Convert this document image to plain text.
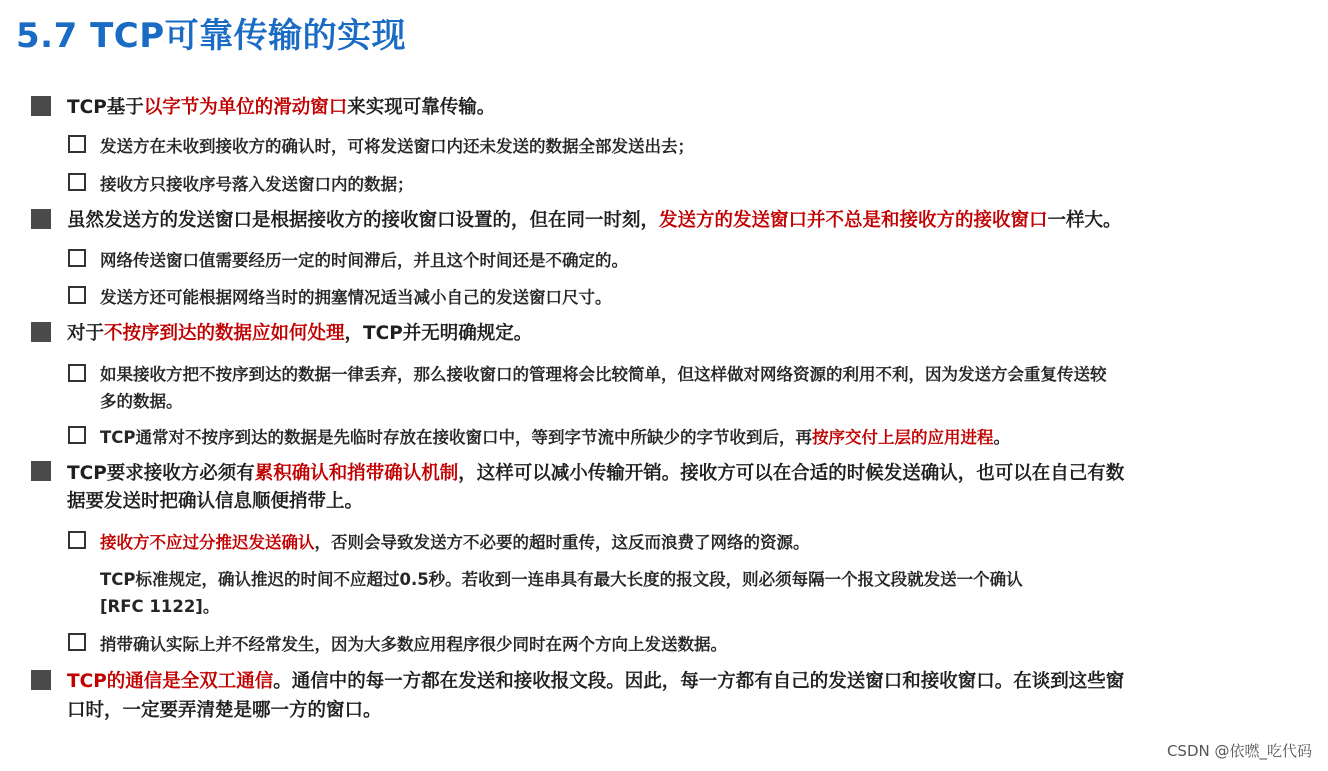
5.7 TCP可靠传输的实现
TCP基于以字节为单位的滑动窗口来实现可靠传输。
发送方在未收到接收方的确认时，可将发送窗口内还未发送的数据全部发送出去；
接收方只接收序号落入发送窗口内的数据；
虽然发送方的发送窗口是根据接收方的接收窗口设置的，但在同一时刻，发送方的发送窗口并不总是和接收方的接收窗口一样大。
网络传送窗口值需要经历一定的时间滞后，并且这个时间还是不确定的。
发送方还可能根据网络当时的拥塞情况适当减小自己的发送窗口尺寸。
对于不按序到达的数据应如何处理，TCP并无明确规定。
如果接收方把不按序到达的数据一律丢弃，那么接收窗口的管理将会比较简单，但这样做对网络资源的利用不利，因为发送方会重复传送较
多的数据。
TCP通常对不按序到达的数据是先临时存放在接收窗口中，等到字节流中所缺少的字节收到后，再按序交付上层的应用进程。
TCP要求接收方必须有累积确认和捎带确认机制，这样可以减小传输开销。接收方可以在合适的时候发送确认，也可以在自己有数
据要发送时把确认信息顺便捎带上。
接收方不应过分推迟发送确认，否则会导致发送方不必要的超时重传，这反而浪费了网络的资源。
TCP标准规定，确认推迟的时间不应超过0.5秒。若收到一连串具有最大长度的报文段，则必须每隔一个报文段就发送一个确认
[RFC 1122]。
捎带确认实际上并不经常发生，因为大多数应用程序很少同时在两个方向上发送数据。
TCP的通信是全双工通信。通信中的每一方都在发送和接收报文段。因此，每一方都有自己的发送窗口和接收窗口。在谈到这些窗
口时，一定要弄清楚是哪一方的窗口。
CSDN @依嘫_吃代码
